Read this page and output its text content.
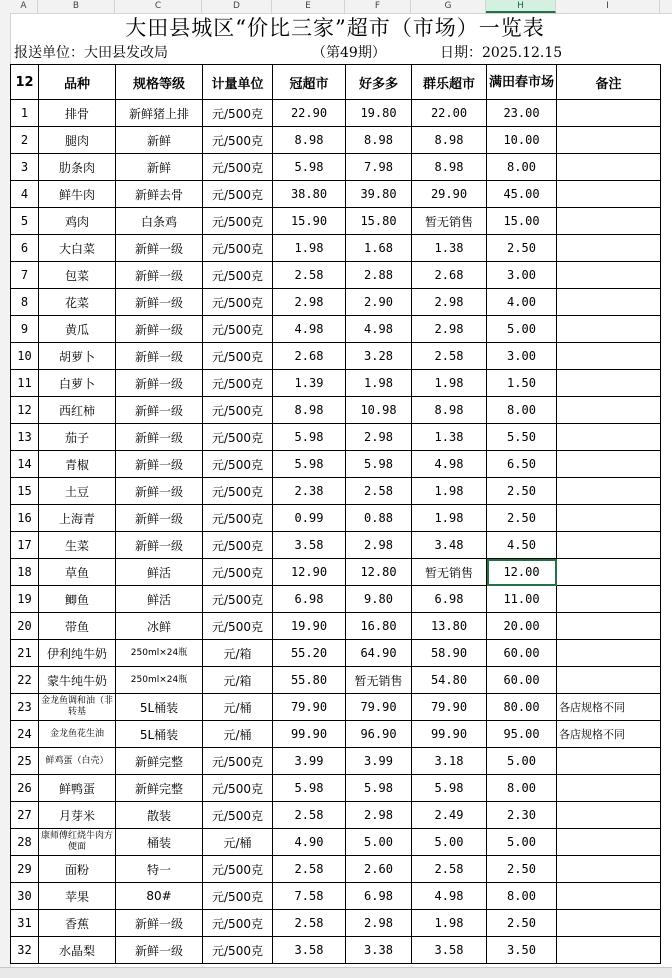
A	B	C	D	E	F	G	H	I
大田县城区“价比三家”超市（市场）一览表
报送单位：大田县发改局	（第49期）	日期：2025.12.15
12	品种	规格等级	计量单位	冠超市	好多多	群乐超市	满田春市场	备注
1	排骨	新鲜猪上排	元/500克	22.90	19.80	22.00	23.00	
2	腿肉	新鲜	元/500克	8.98	8.98	8.98	10.00	
3	肋条肉	新鲜	元/500克	5.98	7.98	8.98	8.00	
4	鲜牛肉	新鲜去骨	元/500克	38.80	39.80	29.90	45.00	
5	鸡肉	白条鸡	元/500克	15.90	15.80	暂无销售	15.00	
6	大白菜	新鲜一级	元/500克	1.98	1.68	1.38	2.50	
7	包菜	新鲜一级	元/500克	2.58	2.88	2.68	3.00	
8	花菜	新鲜一级	元/500克	2.98	2.90	2.98	4.00	
9	黄瓜	新鲜一级	元/500克	4.98	4.98	2.98	5.00	
10	胡萝卜	新鲜一级	元/500克	2.68	3.28	2.58	3.00	
11	白萝卜	新鲜一级	元/500克	1.39	1.98	1.98	1.50	
12	西红柿	新鲜一级	元/500克	8.98	10.98	8.98	8.00	
13	茄子	新鲜一级	元/500克	5.98	2.98	1.38	5.50	
14	青椒	新鲜一级	元/500克	5.98	5.98	4.98	6.50	
15	土豆	新鲜一级	元/500克	2.38	2.58	1.98	2.50	
16	上海青	新鲜一级	元/500克	0.99	0.88	1.98	2.50	
17	生菜	新鲜一级	元/500克	3.58	2.98	3.48	4.50	
18	草鱼	鲜活	元/500克	12.90	12.80	暂无销售	12.00	
19	鲫鱼	鲜活	元/500克	6.98	9.80	6.98	11.00	
20	带鱼	冰鲜	元/500克	19.90	16.80	13.80	20.00	
21	伊利纯牛奶	250ml×24瓶	元/箱	55.20	64.90	58.90	60.00	
22	蒙牛纯牛奶	250ml×24瓶	元/箱	55.80	暂无销售	54.80	60.00	
23	金龙鱼调和油（非转基	5L桶装	元/桶	79.90	79.90	79.90	80.00	各店规格不同
24	金龙鱼花生油	5L桶装	元/桶	99.90	96.90	99.90	95.00	各店规格不同
25	鲜鸡蛋（白壳）	新鲜完整	元/500克	3.99	3.99	3.18	5.00	
26	鲜鸭蛋	新鲜完整	元/500克	5.98	5.98	5.98	8.00	
27	月芽米	散装	元/500克	2.58	2.98	2.49	2.30	
28	康师傅红烧牛肉方便面	桶装	元/桶	4.90	5.00	5.00	5.00	
29	面粉	特一	元/500克	2.58	2.60	2.58	2.50	
30	苹果	80#	元/500克	7.58	6.98	4.98	8.00	
31	香蕉	新鲜一级	元/500克	2.58	2.98	1.98	2.50	
32	水晶梨	新鲜一级	元/500克	3.58	3.38	3.58	3.50	
